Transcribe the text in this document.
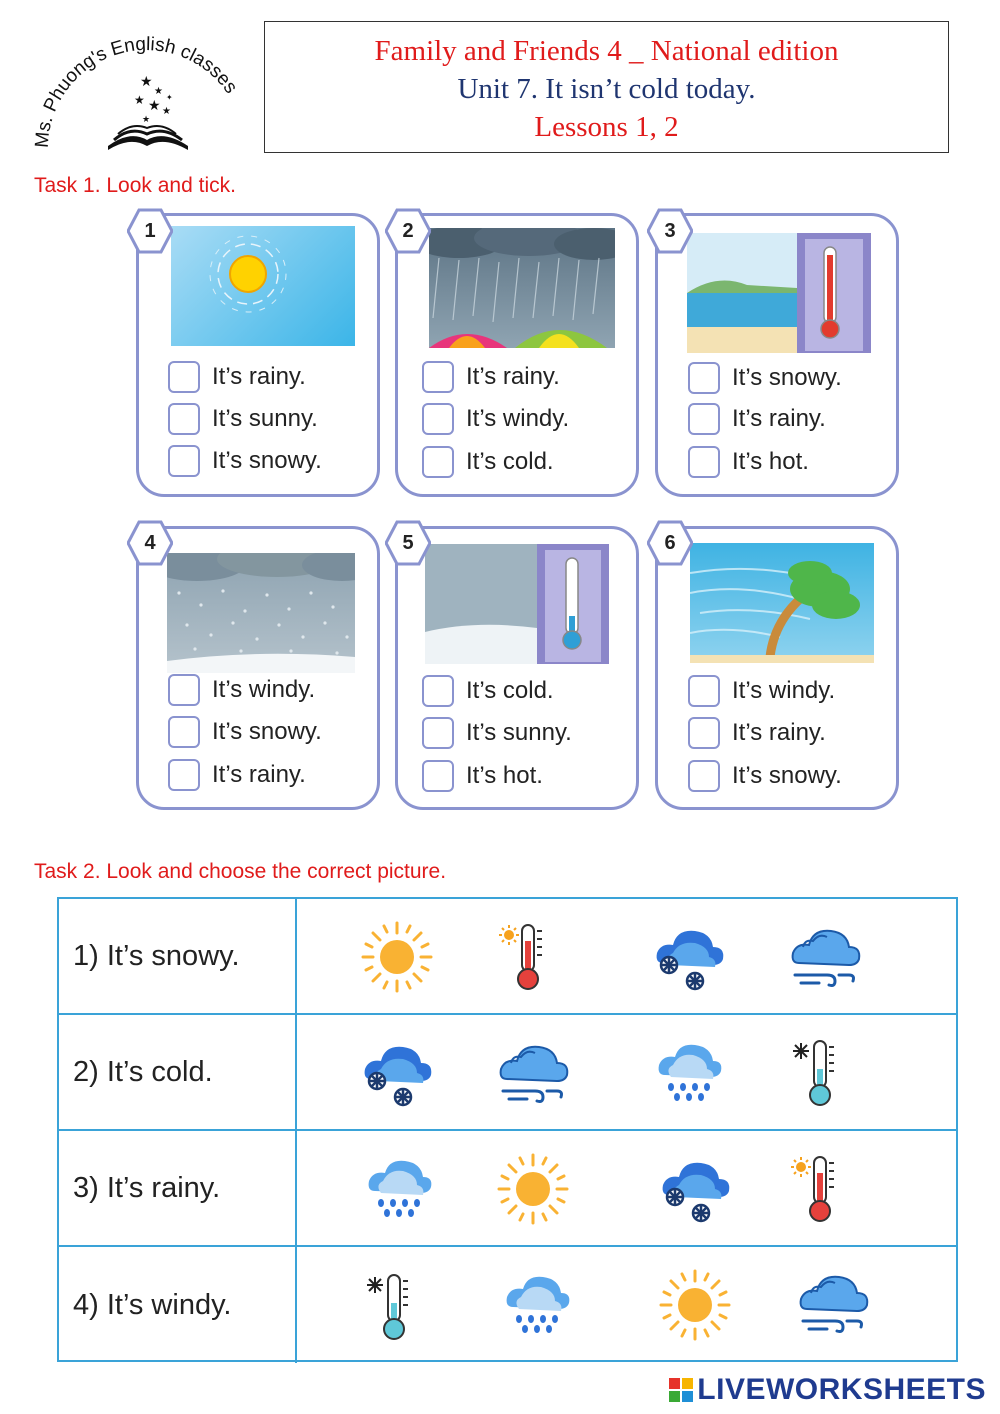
Ms. Phuong's English classes
★
★
★ ★ ★
★
✦
Family and Friends 4 _ National edition
Unit 7. It isn’t cold today.
Lessons 1, 2
Task 1. Look and tick.
1	2	3
4	5	6
It’s rainy.
It’s sunny.
It’s snowy.
It’s rainy.
It’s windy.
It’s cold.
It’s snowy.
It’s rainy.
It’s hot.
It’s windy.
It’s snowy.
It’s rainy.
It’s cold.
It’s sunny.
It’s hot.
It’s windy.
It’s rainy.
It’s snowy.
Task 2. Look and choose the correct picture.
1) It’s snowy.
2) It’s cold.
3) It’s rainy.
4) It’s windy.
LIVEWORKSHEETS
